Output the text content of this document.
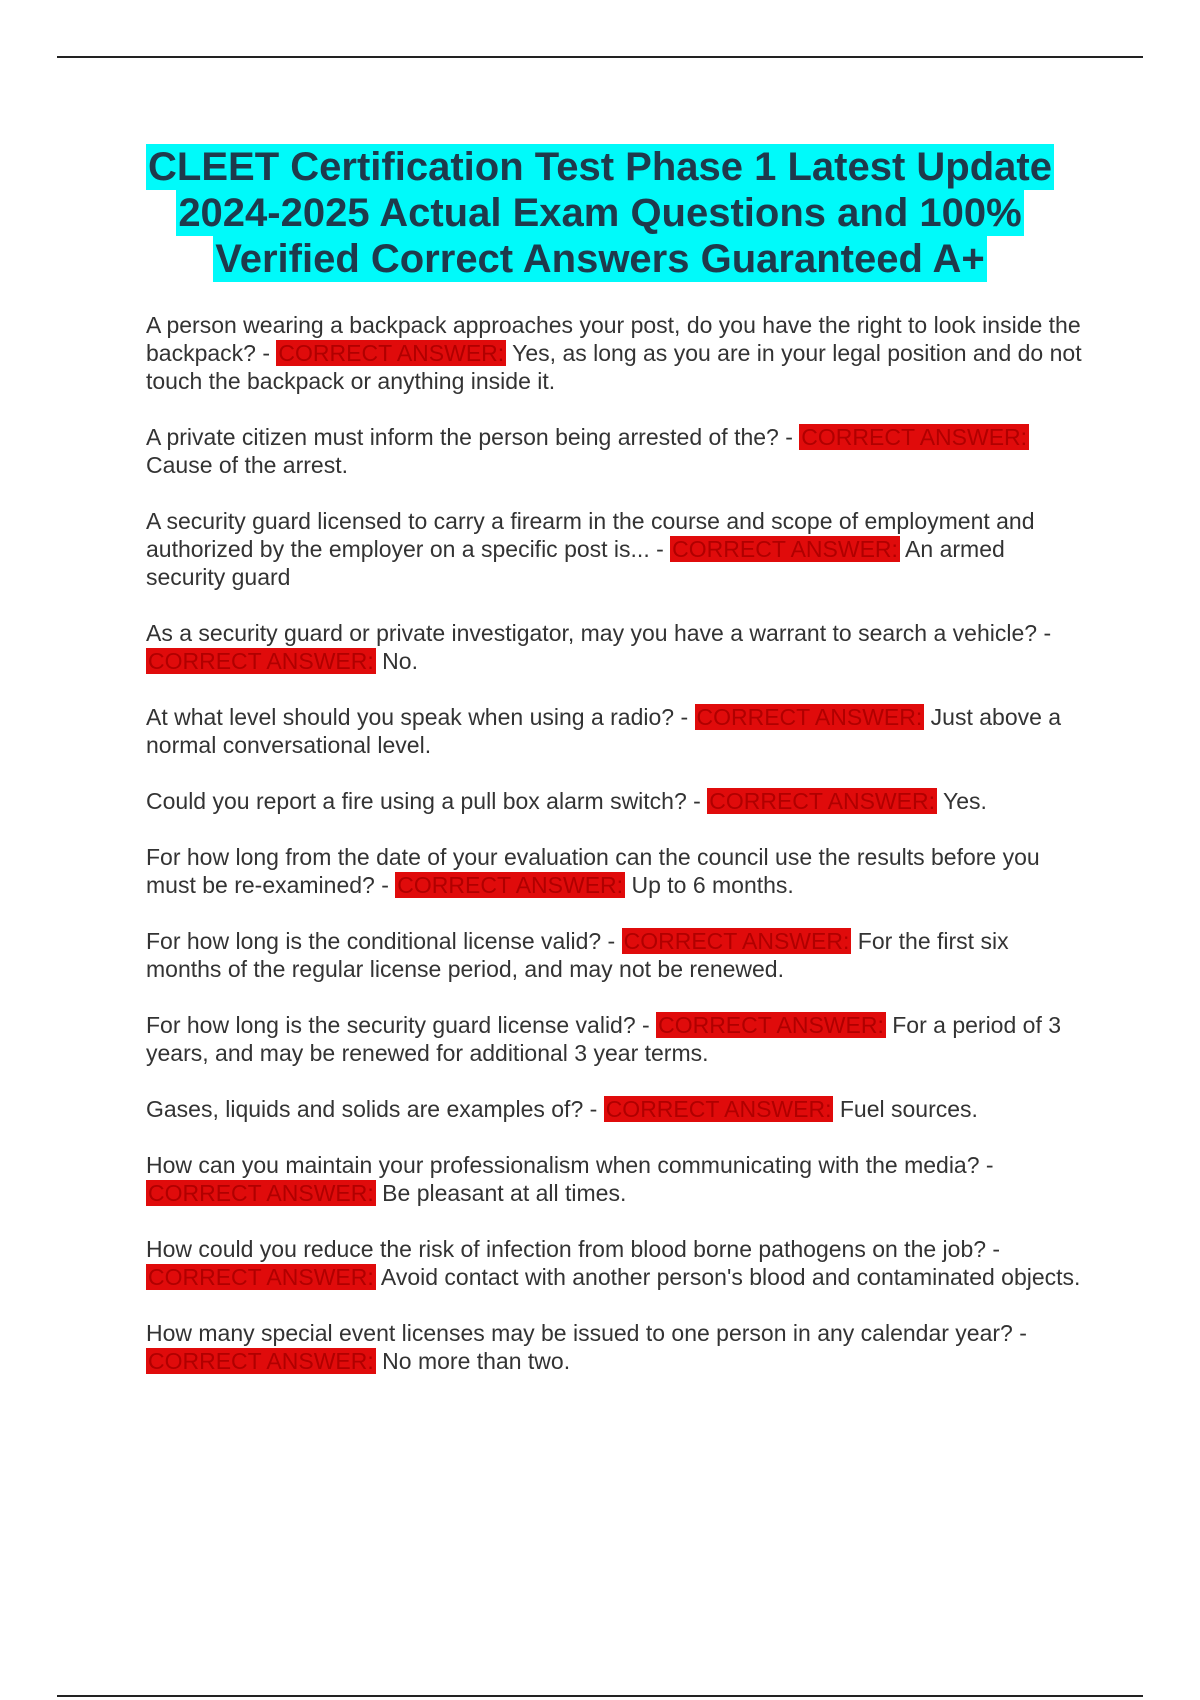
CLEET Certification Test Phase 1 Latest Update
2024-2025 Actual Exam Questions and 100%
Verified Correct Answers Guaranteed A+

A person wearing a backpack approaches your post, do you have the right to look inside the backpack? - CORRECT ANSWER: Yes, as long as you are in your legal position and do not touch the backpack or anything inside it.

A private citizen must inform the person being arrested of the? - CORRECT ANSWER: Cause of the arrest.

A security guard licensed to carry a firearm in the course and scope of employment and authorized by the employer on a specific post is... - CORRECT ANSWER: An armed security guard

As a security guard or private investigator, may you have a warrant to search a vehicle? - CORRECT ANSWER: No.

At what level should you speak when using a radio? - CORRECT ANSWER: Just above a normal conversational level.

Could you report a fire using a pull box alarm switch? - CORRECT ANSWER: Yes.

For how long from the date of your evaluation can the council use the results before you must be re-examined? - CORRECT ANSWER: Up to 6 months.

For how long is the conditional license valid? - CORRECT ANSWER: For the first six months of the regular license period, and may not be renewed.

For how long is the security guard license valid? - CORRECT ANSWER: For a period of 3 years, and may be renewed for additional 3 year terms.

Gases, liquids and solids are examples of? - CORRECT ANSWER: Fuel sources.

How can you maintain your professionalism when communicating with the media? - CORRECT ANSWER: Be pleasant at all times.

How could you reduce the risk of infection from blood borne pathogens on the job? - CORRECT ANSWER: Avoid contact with another person's blood and contaminated objects.

How many special event licenses may be issued to one person in any calendar year? - CORRECT ANSWER: No more than two.
